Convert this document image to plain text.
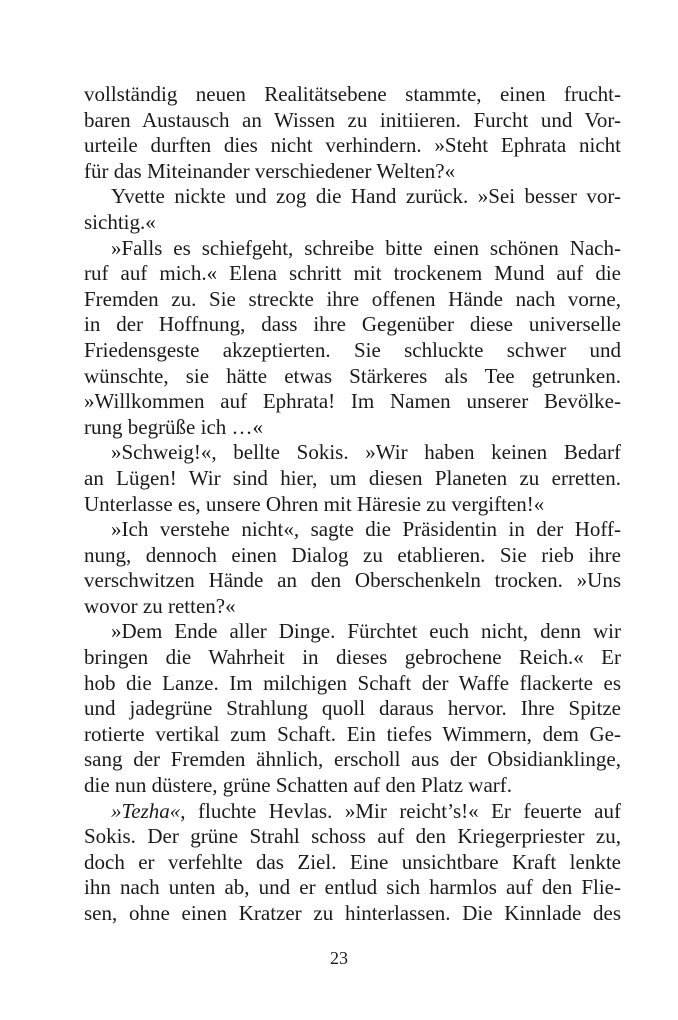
vollständig neuen Realitätsebene stammte, einen frucht-
baren Austausch an Wissen zu initiieren. Furcht und Vor-
urteile durften dies nicht verhindern. »Steht Ephrata nicht
für das Miteinander verschiedener Welten?«
Yvette nickte und zog die Hand zurück. »Sei besser vor-
sichtig.«
»Falls es schiefgeht, schreibe bitte einen schönen Nach-
ruf auf mich.« Elena schritt mit trockenem Mund auf die
Fremden zu. Sie streckte ihre offenen Hände nach vorne,
in der Hoffnung, dass ihre Gegenüber diese universelle
Friedensgeste akzeptierten. Sie schluckte schwer und
wünschte, sie hätte etwas Stärkeres als Tee getrunken.
»Willkommen auf Ephrata! Im Namen unserer Bevölke-
rung begrüße ich …«
»Schweig!«, bellte Sokis. »Wir haben keinen Bedarf
an Lügen! Wir sind hier, um diesen Planeten zu erretten.
Unterlasse es, unsere Ohren mit Häresie zu vergiften!«
»Ich verstehe nicht«, sagte die Präsidentin in der Hoff-
nung, dennoch einen Dialog zu etablieren. Sie rieb ihre
verschwitzen Hände an den Oberschenkeln trocken. »Uns
wovor zu retten?«
»Dem Ende aller Dinge. Fürchtet euch nicht, denn wir
bringen die Wahrheit in dieses gebrochene Reich.« Er
hob die Lanze. Im milchigen Schaft der Waffe flackerte es
und jadegrüne Strahlung quoll daraus hervor. Ihre Spitze
rotierte vertikal zum Schaft. Ein tiefes Wimmern, dem Ge-
sang der Fremden ähnlich, erscholl aus der Obsidianklinge,
die nun düstere, grüne Schatten auf den Platz warf.
»Tezha«, fluchte Hevlas. »Mir reicht’s!« Er feuerte auf
Sokis. Der grüne Strahl schoss auf den Kriegerpriester zu,
doch er verfehlte das Ziel. Eine unsichtbare Kraft lenkte
ihn nach unten ab, und er entlud sich harmlos auf den Flie-
sen, ohne einen Kratzer zu hinterlassen. Die Kinnlade des
23
